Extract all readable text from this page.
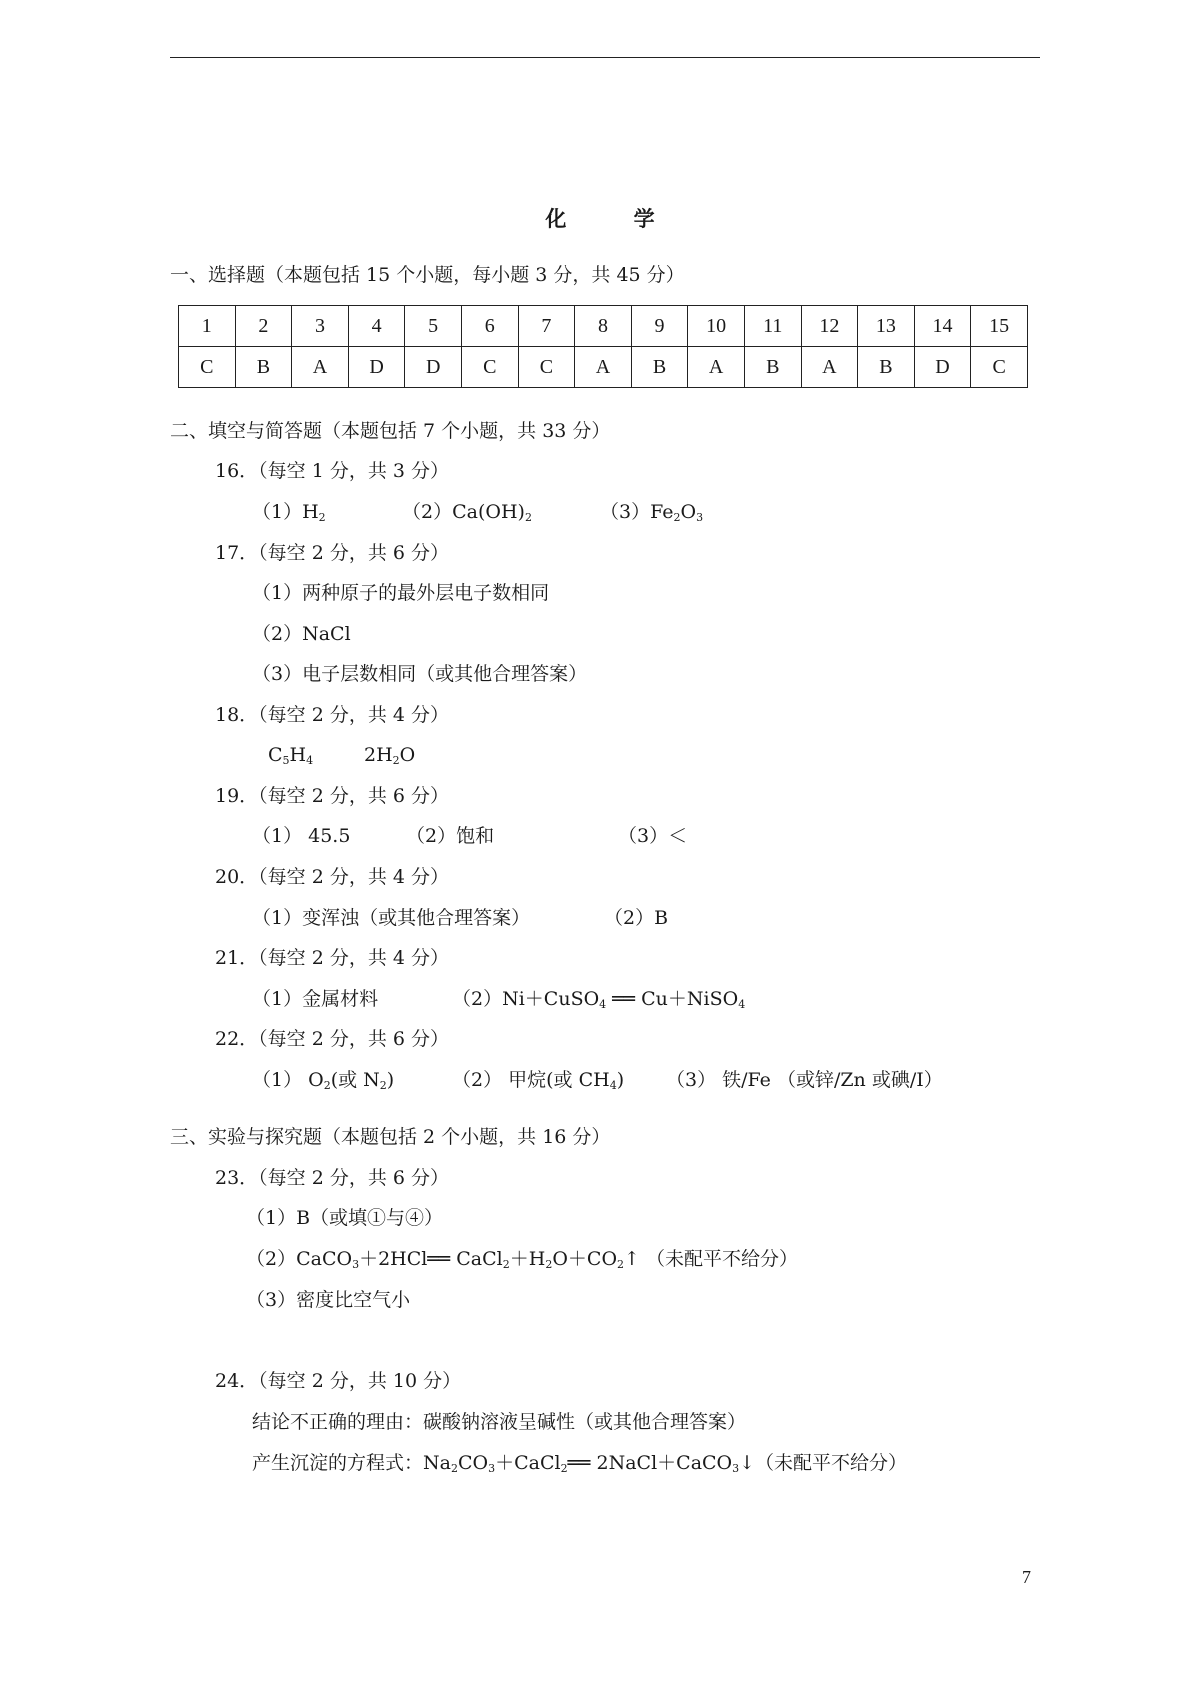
化 学
一、选择题（本题包括 15 个小题，每小题 3 分，共 45 分）
1	2	3	4	5	6	7	8	9	10	11	12	13	14	15
C	B	A	D	D	C	C	A	B	A	B	A	B	D	C
二、填空与简答题（本题包括 7 个小题，共 33 分）
16．（每空 1 分，共 3 分）
$(1)H_2$	$(2)Ca(OH)_2$	$(3)Fe_2O_3$
17．（每空 2 分，共 6 分）
（1）两种原子的最外层电子数相同
（2）NaCl
（3）电子层数相同（或其他合理答案）
18．（每空 2 分，共 4 分）
$C_5H_4$	$2H_2O$
19．（每空 2 分，共 6 分）
（1） 45.5	（2）饱和	（3）＜
20．（每空 2 分，共 4 分）
（1）变浑浊（或其他合理答案）	（2）B
21．（每空 2 分，共 4 分）
（1）金属材料	（2）Ni＋CuSO$_4$ ══ Cu＋NiSO$_4$
22．（每空 2 分，共 6 分）
（1） $O_2$(或 $N_2$)	（2） 甲烷(或 $CH_4$) （3） 铁/Fe （或锌/Zn 或碘/I）
三、实验与探究题（本题包括 2 个小题，共 16 分）
23．（每空 2 分，共 6 分）
（1）B（或填①与④）
（2）CaCO$_3$＋2HCl══ $CaCl_2+H_2O+CO_2↑$ （未配平不给分）
（3）密度比空气小
24．（每空 2 分，共 10 分）
结论不正确的理由：碳酸钠溶液呈碱性（或其他合理答案）
产生沉淀的方程式：$Na_2CO_3+CaCl_2══$ 2NaCl＋CaCO$_3$↓（未配平不给分）
7
